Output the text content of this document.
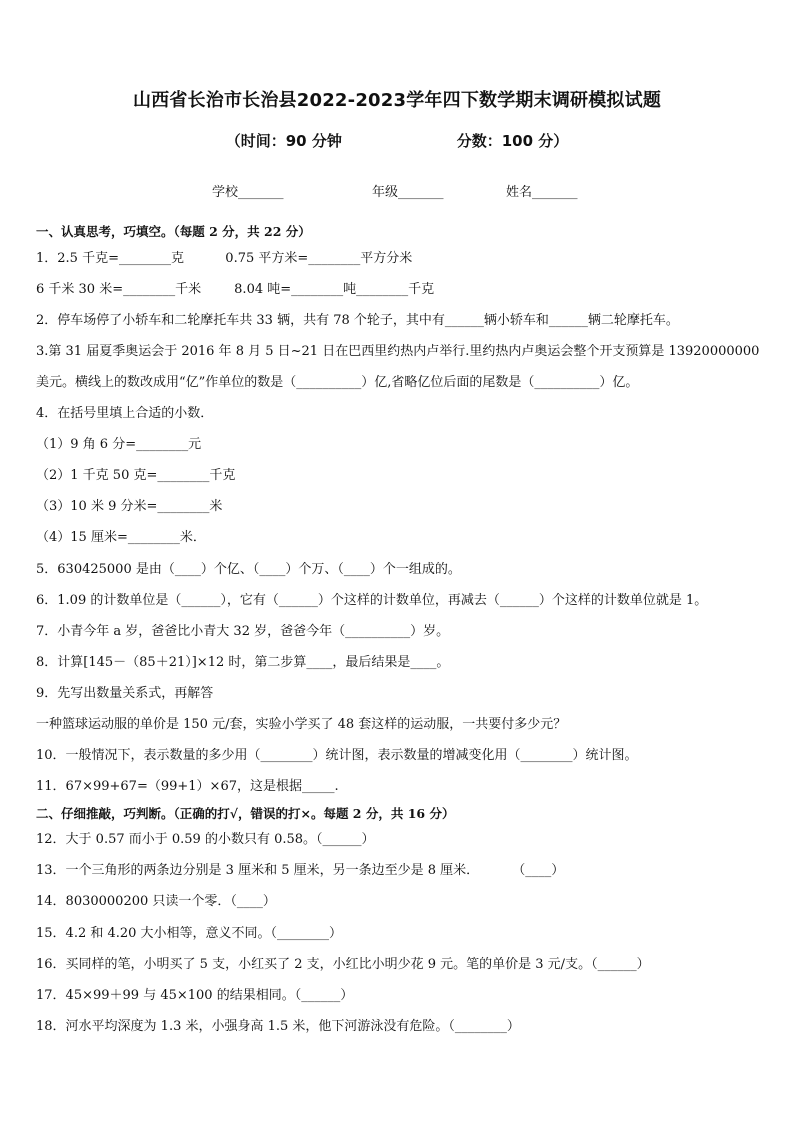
山西省长治市长治县2022-2023学年四下数学期末调研模拟试题
（时间：90 分钟                      分数：100 分）
学校_______	年级_______	姓名_______
一、认真思考，巧填空。（每题 2 分，共 22 分）
1．2.5 千克=________克          0.75 平方米=________平方分米
6 千米 30 米=________千米        8.04 吨=________吨________千克
2．停车场停了小轿车和二轮摩托车共 33 辆，共有 78 个轮子，其中有______辆小轿车和______辆二轮摩托车。
3.第 31 届夏季奥运会于 2016 年 8 月 5 日~21 日在巴西里约热内卢举行.里约热内卢奥运会整个开支预算是 13920000000
美元。横线上的数改成用“亿”作单位的数是（__________）亿,省略亿位后面的尾数是（__________）亿。
4．在括号里填上合适的小数．
（1）9 角 6 分=________元
（2）1 千克 50 克=________千克
（3）10 米 9 分米=________米
（4）15 厘米=________米．
5．630425000 是由（____）个亿、（____）个万、（____）个一组成的。
6．1.09 的计数单位是（______），它有（______）个这样的计数单位，再减去（______）个这样的计数单位就是 1。
7．小青今年 a 岁，爸爸比小青大 32 岁，爸爸今年（__________）岁。
8．计算[145－（85＋21）]×12 时，第二步算____，最后结果是____。
9．先写出数量关系式，再解答
一种篮球运动服的单价是 150 元/套，实验小学买了 48 套这样的运动服，一共要付多少元？
10．一般情况下，表示数量的多少用（________）统计图，表示数量的增减变化用（________）统计图。
11．67×99+67=（99+1）×67，这是根据_____.
二、仔细推敲，巧判断。（正确的打√，错误的打×。每题 2 分，共 16 分）
12．大于 0.57 而小于 0.59 的小数只有 0.58。（______）
13．一个三角形的两条边分别是 3 厘米和 5 厘米，另一条边至少是 8 厘米．        （____）
14．8030000200 只读一个零．（____）
15．4.2 和 4.20 大小相等，意义不同。（________）
16．买同样的笔，小明买了 5 支，小红买了 2 支，小红比小明少花 9 元。笔的单价是 3 元/支。（______）
17．45×99＋99 与 45×100 的结果相同。（______）
18．河水平均深度为 1.3 米，小强身高 1.5 米，他下河游泳没有危险。（________）
